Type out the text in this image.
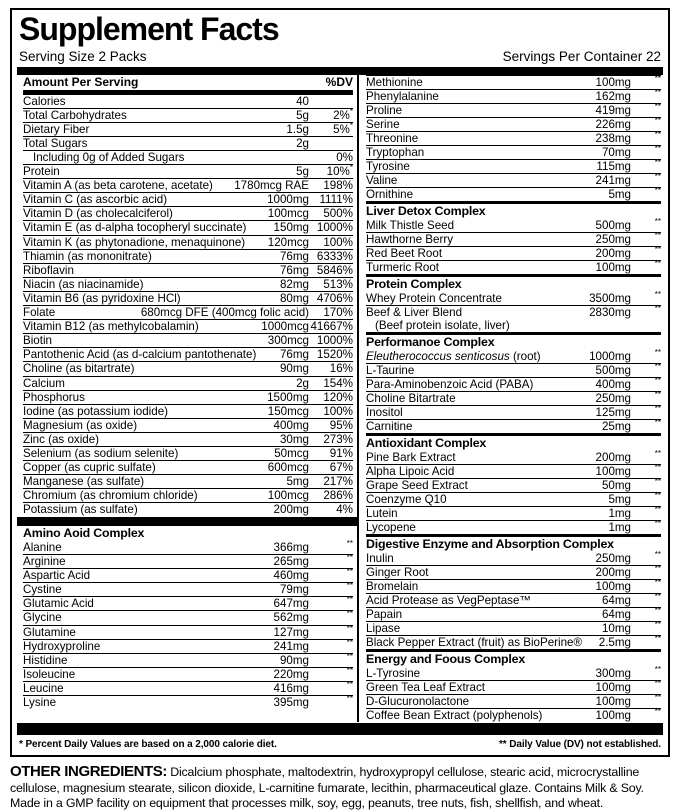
Supplement Facts
Serving Size 2 Packs	Servings Per Container 22
Amount Per Serving	%DV
Calories	40
Total Carbohydrates	5g	2%*
Dietary Fiber	1.5g	5%*
Total Sugars	2g
Including 0g of Added Sugars	0%
Protein	5g	10%*
Vitamin A (as beta carotene, acetate)	1780mcg RAE	198%
Vitamin C (as ascorbic acid)	1000mg 1111%
Vitamin D (as cholecalciferol)	100mcg	500%
Vitamin E (as d-alpha tocopheryl succinate)	150mg 1000%
Vitamin K (as phytonadione, menaquinone)	120mcg	100%
Thiamin (as mononitrate)	76mg 6333%
Riboflavin	76mg 5846%
Niacin (as niacinamide)	82mg	513%
Vitamin B6 (as pyridoxine HCl)	80mg 4706%
Folate	680mcg DFE (400mcg folic acid)	170%
Vitamin B12 (as methylcobalamin)	1000mcg 41667%
Biotin	300mcg 1000%
Pantothenic Acid (as d-calcium pantothenate)	76mg 1520%
Choline (as bitartrate)	90mg	16%
Calcium	2g	154%
Phosphorus	1500mg	120%
Iodine (as potassium iodide)	150mcg	100%
Magnesium (as oxide)	400mg	95%
Zinc (as oxide)	30mg	273%
Selenium (as sodium selenite)	50mcg	91%
Copper (as cupric sulfate)	600mcg	67%
Manganese (as sulfate)	5mg	217%
Chromium (as chromium chloride)	100mcg	286%
Potassium (as sulfate)	200mg	4%
Amino Aoid Complex
Alanine	366mg	**
Arginine	265mg	**
Aspartic Acid	460mg	**
Cystine	79mg	**
Glutamic Acid	647mg	**
Glycine	562mg	**
Glutamine	127mg	**
Hydroxyproline	241mg	**
Histidine	90mg	**
Isoleucine	220mg	**
Leucine	416mg	**
Lysine	395mg	**
Methionine	100mg	**
Phenylalanine	162mg	**
Proline	419mg	**
Serine	226mg	**
Threonine	238mg	**
Tryptophan	70mg	**
Tyrosine	115mg	**
Valine	241mg	**
Ornithine	5mg	**
Liver Detox Complex
Milk Thistle Seed	500mg	**
Hawthorne Berry	250mg	**
Red Beet Root	200mg	**
Turmeric Root	100mg	**
Protein Complex
Whey Protein Concentrate	3500mg	**
Beef & Liver Blend	2830mg	**
(Beef protein isolate, liver)
Performanoe Complex
Eleutherococcus senticosus (root)	1000mg	**
L-Taurine	500mg	**
Para-Aminobenzoic Acid (PABA)	400mg	**
Choline Bitartrate	250mg	**
Inositol	125mg	**
Carnitine	25mg	**
Antioxidant Complex
Pine Bark Extract	200mg	**
Alpha Lipoic Acid	100mg	**
Grape Seed Extract	50mg	**
Coenzyme Q10	5mg	**
Lutein	1mg	**
Lycopene	1mg	**
Digestive Enzyme and Absorption Complex
Inulin	250mg	**
Ginger Root	200mg	**
Bromelain	100mg	**
Acid Protease as VegPeptase™	64mg	**
Papain	64mg	**
Lipase	10mg	**
Black Pepper Extract (fruit) as BioPerine®	2.5mg	**
Energy and Foous Complex
L-Tyrosine	300mg	**
Green Tea Leaf Extract	100mg	**
D-Glucuronolactone	100mg	**
Coffee Bean Extract (polyphenols)	100mg	**
* Percent Daily Values are based on a 2,000 calorie diet.	** Daily Value (DV) not established.

OTHER INGREDIENTS: Dicalcium phosphate, maltodextrin, hydroxypropyl cellulose, stearic acid, microcrystalline cellulose, magnesium stearate, silicon dioxide, L-carnitine fumarate, lecithin, pharmaceutical glaze. Contains Milk & Soy. Made in a GMP facility on equipment that processes milk, soy, egg, peanuts, tree nuts, fish, shellfish, and wheat.
